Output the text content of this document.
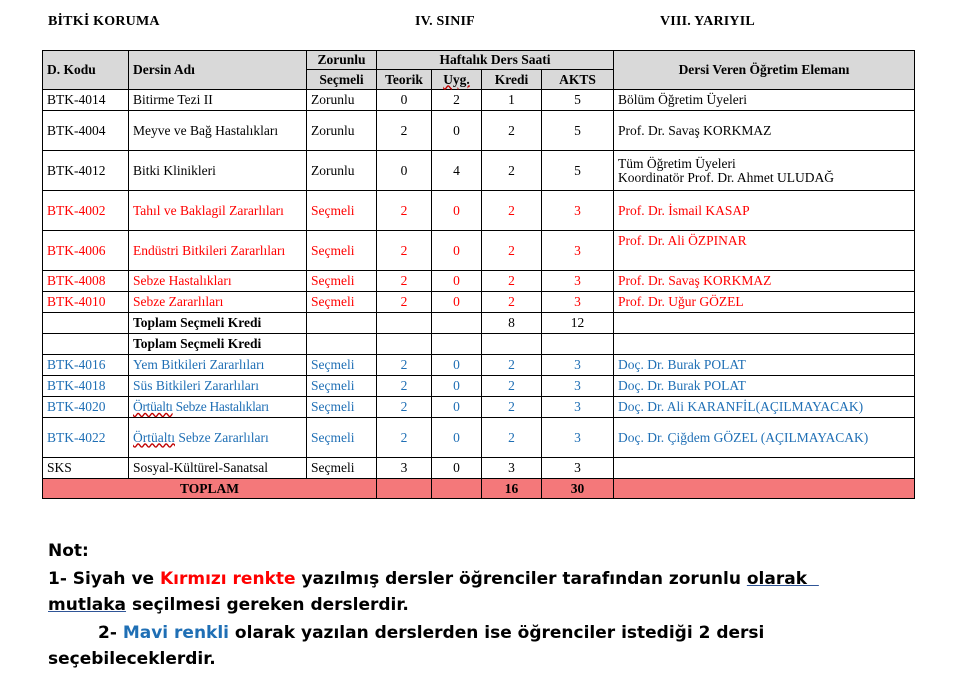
BİTKİ KORUMA	IV. SINIF	VIII. YARIYIL
D. Kodu	Dersin Adı	Zorunlu	Haftalık Ders Saati				Dersi Veren Öğretim Elemanı
		Seçmeli	Teorik	Uyg.	Kredi	AKTS	
BTK-4014	Bitirme Tezi II	Zorunlu	0	2	1	5	Bölüm Öğretim Üyeleri
BTK-4004	Meyve ve Bağ Hastalıkları	Zorunlu	2	0	2	5	Prof. Dr. Savaş KORKMAZ
BTK-4012	Bitki Klinikleri	Zorunlu	0	4	2	5	Tüm Öğretim Üyeleri
Koordinatör Prof. Dr. Ahmet ULUDAĞ

BTK-4002	Tahıl ve Baklagil Zararlıları	Seçmeli	2	0	2	3	Prof. Dr. İsmail KASAP
BTK-4006	Endüstri Bitkileri Zararlıları	Seçmeli	2	0	2	3	Prof. Dr. Ali ÖZPINAR
BTK-4008	Sebze Hastalıkları	Seçmeli	2	0	2	3	Prof. Dr. Savaş KORKMAZ
BTK-4010	Sebze Zararlıları	Seçmeli	2	0	2	3	Prof. Dr. Uğur GÖZEL
	Toplam Seçmeli Kredi				8	12	
	Toplam Seçmeli Kredi						
BTK-4016	Yem Bitkileri Zararlıları	Seçmeli	2	0	2	3	Doç. Dr. Burak POLAT
BTK-4018	Süs Bitkileri Zararlıları	Seçmeli	2	0	2	3	Doç. Dr. Burak POLAT
BTK-4020	Örtüaltı Sebze Hastalıkları	Seçmeli	2	0	2	3	Doç. Dr. Ali KARANFİL(AÇILMAYACAK)
BTK-4022	Örtüaltı Sebze Zararlıları	Seçmeli	2	0	2	3	Doç. Dr. Çiğdem GÖZEL (AÇILMAYACAK)
SKS	Sosyal-Kültürel-Sanatsal	Seçmeli	3	0	3	3	
TOPLAM					16	30	
Not:
1- Siyah ve Kırmızı renkte yazılmış dersler öğrenciler tarafından zorunlu olarak
mutlaka seçilmesi gereken derslerdir.
2- Mavi renkli olarak yazılan derslerden ise öğrenciler istediği 2 dersi
seçebileceklerdir.
